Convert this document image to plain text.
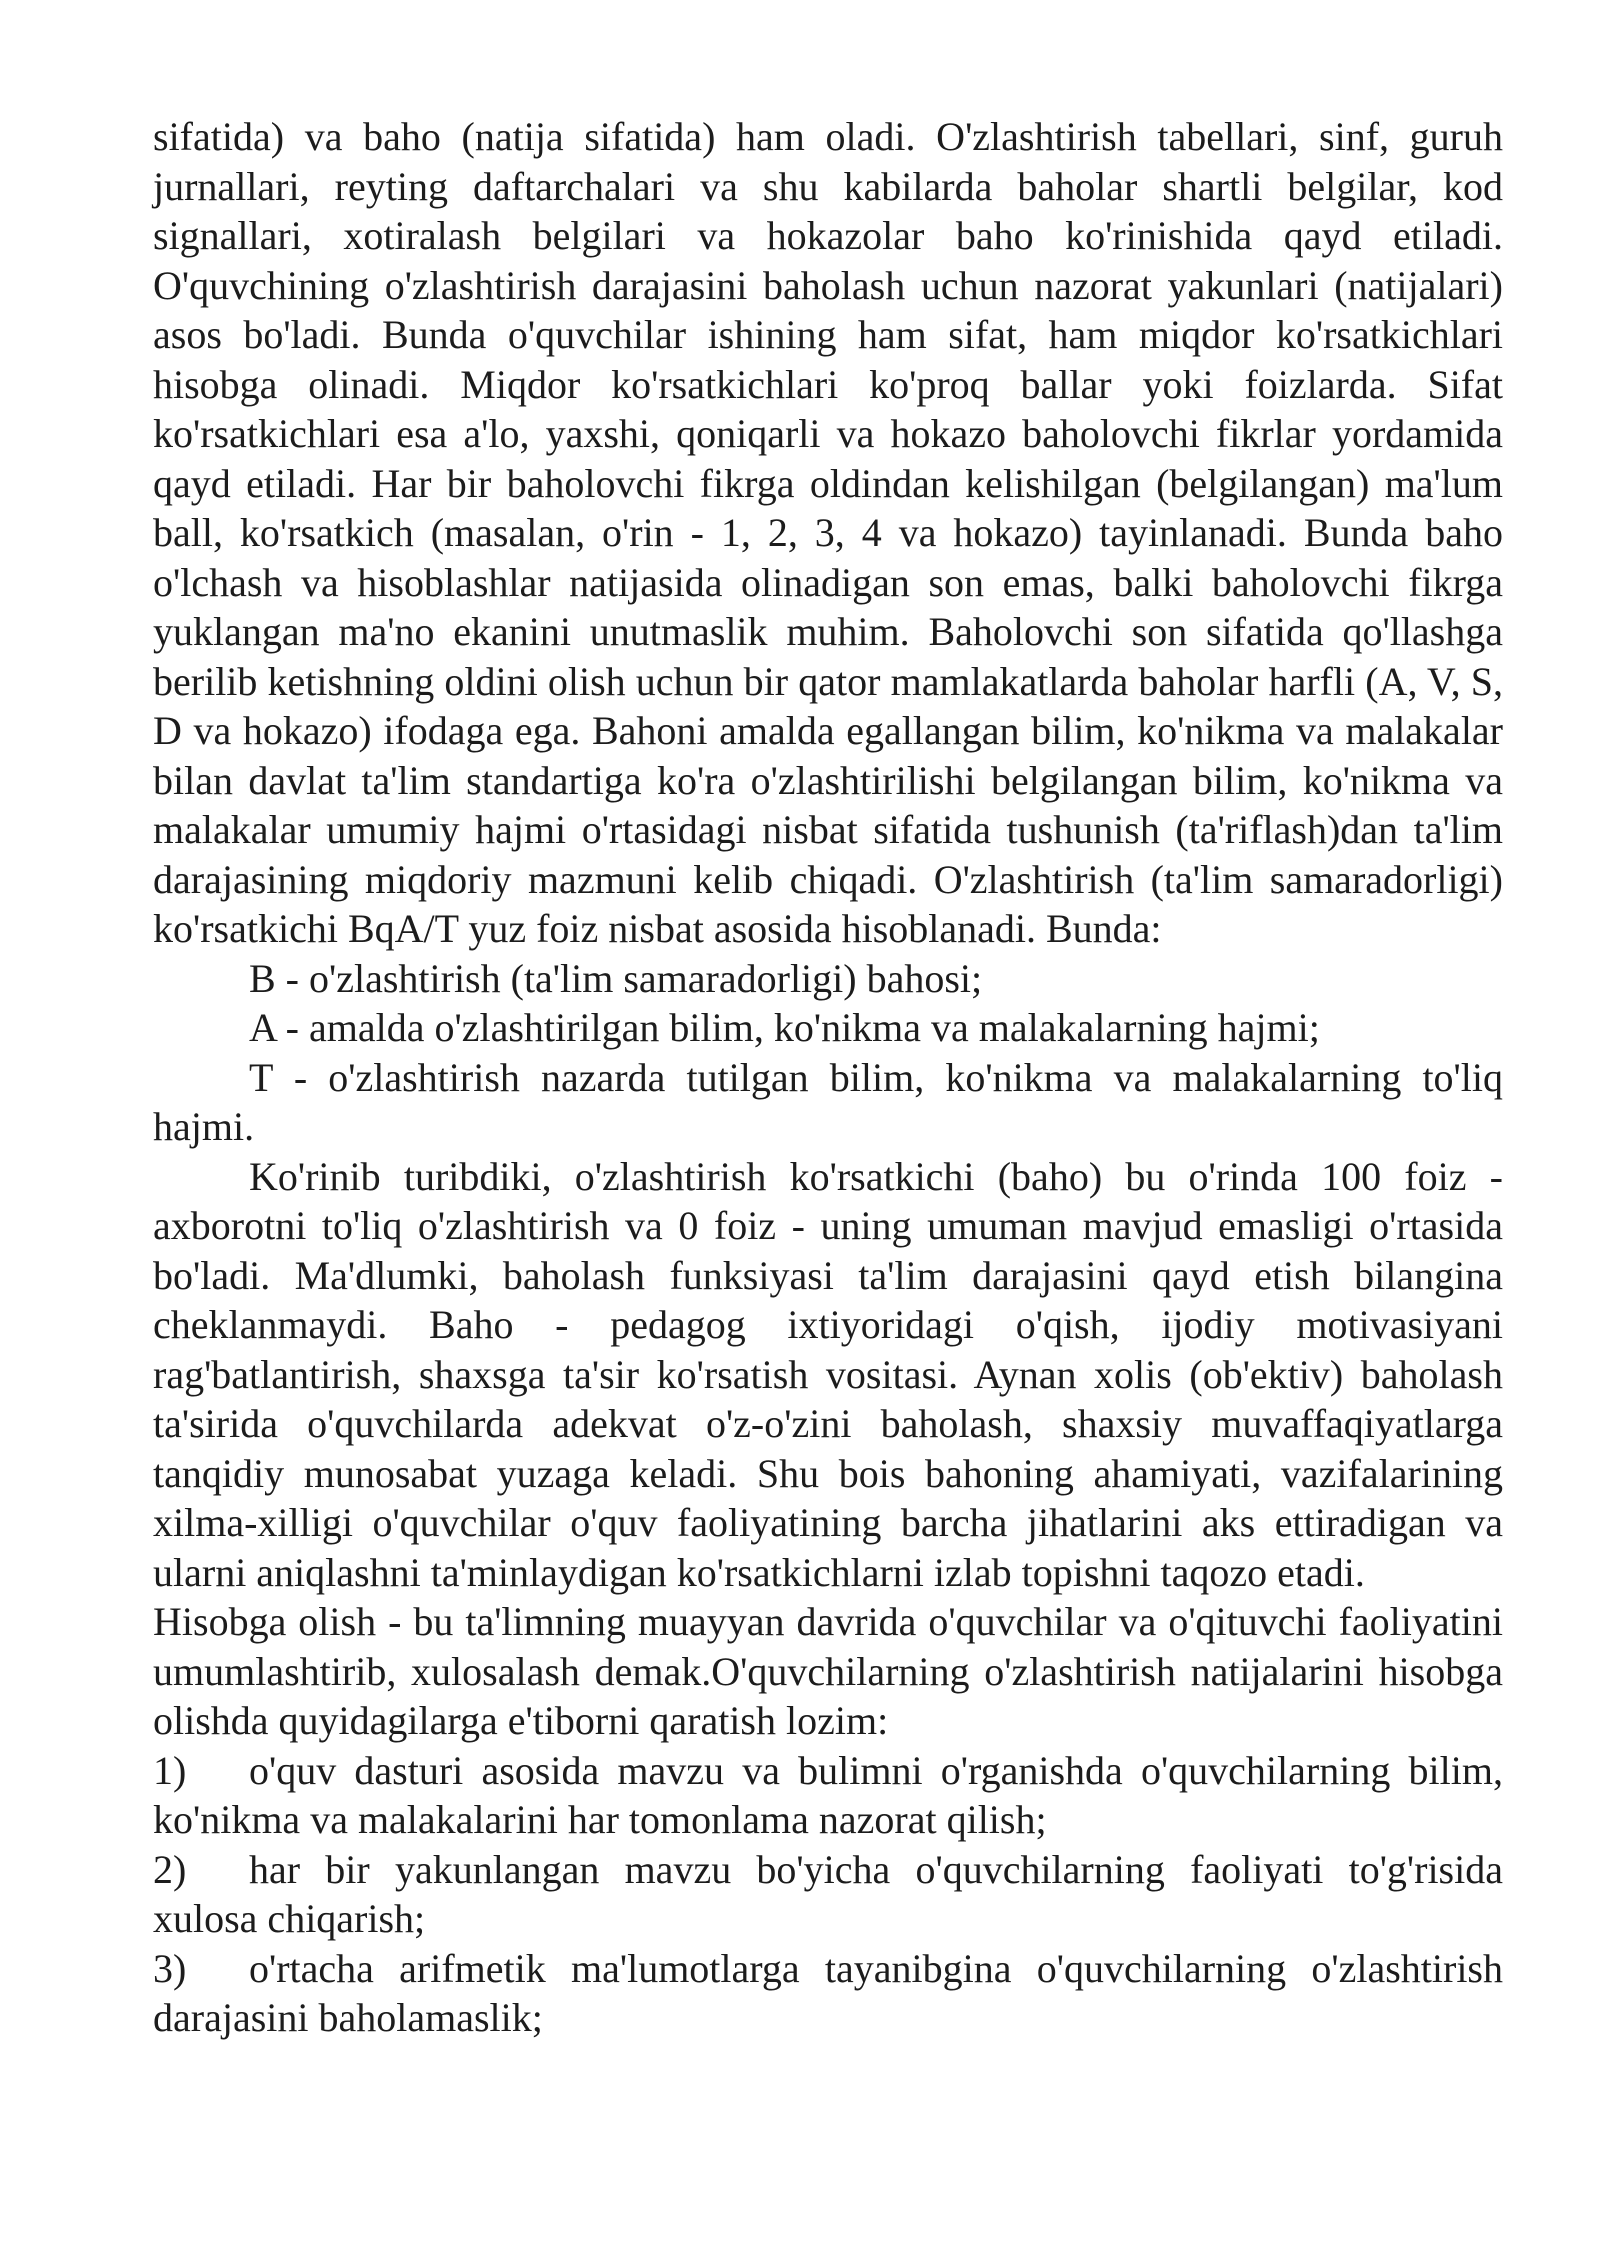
sifatida) va baho (natija sifatida) ham oladi. O'zlashtirish tabellari, sinf, guruh jurnallari, reyting daftarchalari va shu kabilarda baholar shartli belgilar, kod signallari, xotiralash belgilari va hokazolar baho ko'rinishida qayd etiladi. O'quvchining o'zlashtirish darajasini baholash uchun nazorat yakunlari (natijalari) asos bo'ladi. Bunda o'quvchilar ishining ham sifat, ham miqdor ko'rsatkichlari hisobga olinadi. Miqdor ko'rsatkichlari ko'proq ballar yoki foizlarda. Sifat ko'rsatkichlari esa a'lo, yaxshi, qoniqarli va hokazo baholovchi fikrlar yordamida qayd etiladi. Har bir baholovchi fikrga oldindan kelishilgan (belgilangan) ma'lum ball, ko'rsatkich (masalan, o'rin - 1, 2, 3, 4 va hokazo) tayinlanadi. Bunda baho o'lchash va hisoblashlar natijasida olinadigan son emas, balki baholovchi fikrga yuklangan ma'no ekanini unutmaslik muhim. Baholovchi son sifatida qo'llashga berilib ketishning oldini olish uchun bir qator mamlakatlarda baholar harfli (A, V, S, D va hokazo) ifodaga ega. Bahoni amalda egallangan bilim, ko'nikma va malakalar bilan davlat ta'lim standartiga ko'ra o'zlashtirilishi belgilangan bilim, ko'nikma va malakalar umumiy hajmi o'rtasidagi nisbat sifatida tushunish (ta'riflash)dan ta'lim darajasining miqdoriy mazmuni kelib chiqadi. O'zlashtirish (ta'lim samaradorligi) ko'rsatkichi BqA/T yuz foiz nisbat asosida hisoblanadi. Bunda:

B - o'zlashtirish (ta'lim samaradorligi) bahosi;

A - amalda o'zlashtirilgan bilim, ko'nikma va malakalarning hajmi;

T - o'zlashtirish nazarda tutilgan bilim, ko'nikma va malakalarning to'liq hajmi.

Ko'rinib turibdiki, o'zlashtirish ko'rsatkichi (baho) bu o'rinda 100 foiz - axborotni to'liq o'zlashtirish va 0 foiz - uning umuman mavjud emasligi o'rtasida bo'ladi. Ma'dlumki, baholash funksiyasi ta'lim darajasini qayd etish bilangina cheklanmaydi. Baho - pedagog ixtiyoridagi o'qish, ijodiy motivasiyani rag'batlantirish, shaxsga ta'sir ko'rsatish vositasi. Aynan xolis (ob'ektiv) baholash ta'sirida o'quvchilarda adekvat o'z-o'zini baholash, shaxsiy muvaffaqiyatlarga tanqidiy munosabat yuzaga keladi. Shu bois bahoning ahamiyati, vazifalarining xilma-xilligi o'quvchilar o'quv faoliyatining barcha jihatlarini aks ettiradigan va ularni aniqlashni ta'minlaydigan ko'rsatkichlarni izlab topishni taqozo etadi.

Hisobga olish - bu ta'limning muayyan davrida o'quvchilar va o'qituvchi faoliyatini umumlashtirib, xulosalash demak.O'quvchilarning o'zlashtirish natijalarini hisobga olishda quyidagilarga e'tiborni qaratish lozim:

1) o'quv dasturi asosida mavzu va bulimni o'rganishda o'quvchilarning bilim, ko'nikma va malakalarini har tomonlama nazorat qilish;

2) har bir yakunlangan mavzu bo'yicha o'quvchilarning faoliyati to'g'risida xulosa chiqarish;

3) o'rtacha arifmetik ma'lumotlarga tayanibgina o'quvchilarning o'zlashtirish darajasini baholamaslik;
